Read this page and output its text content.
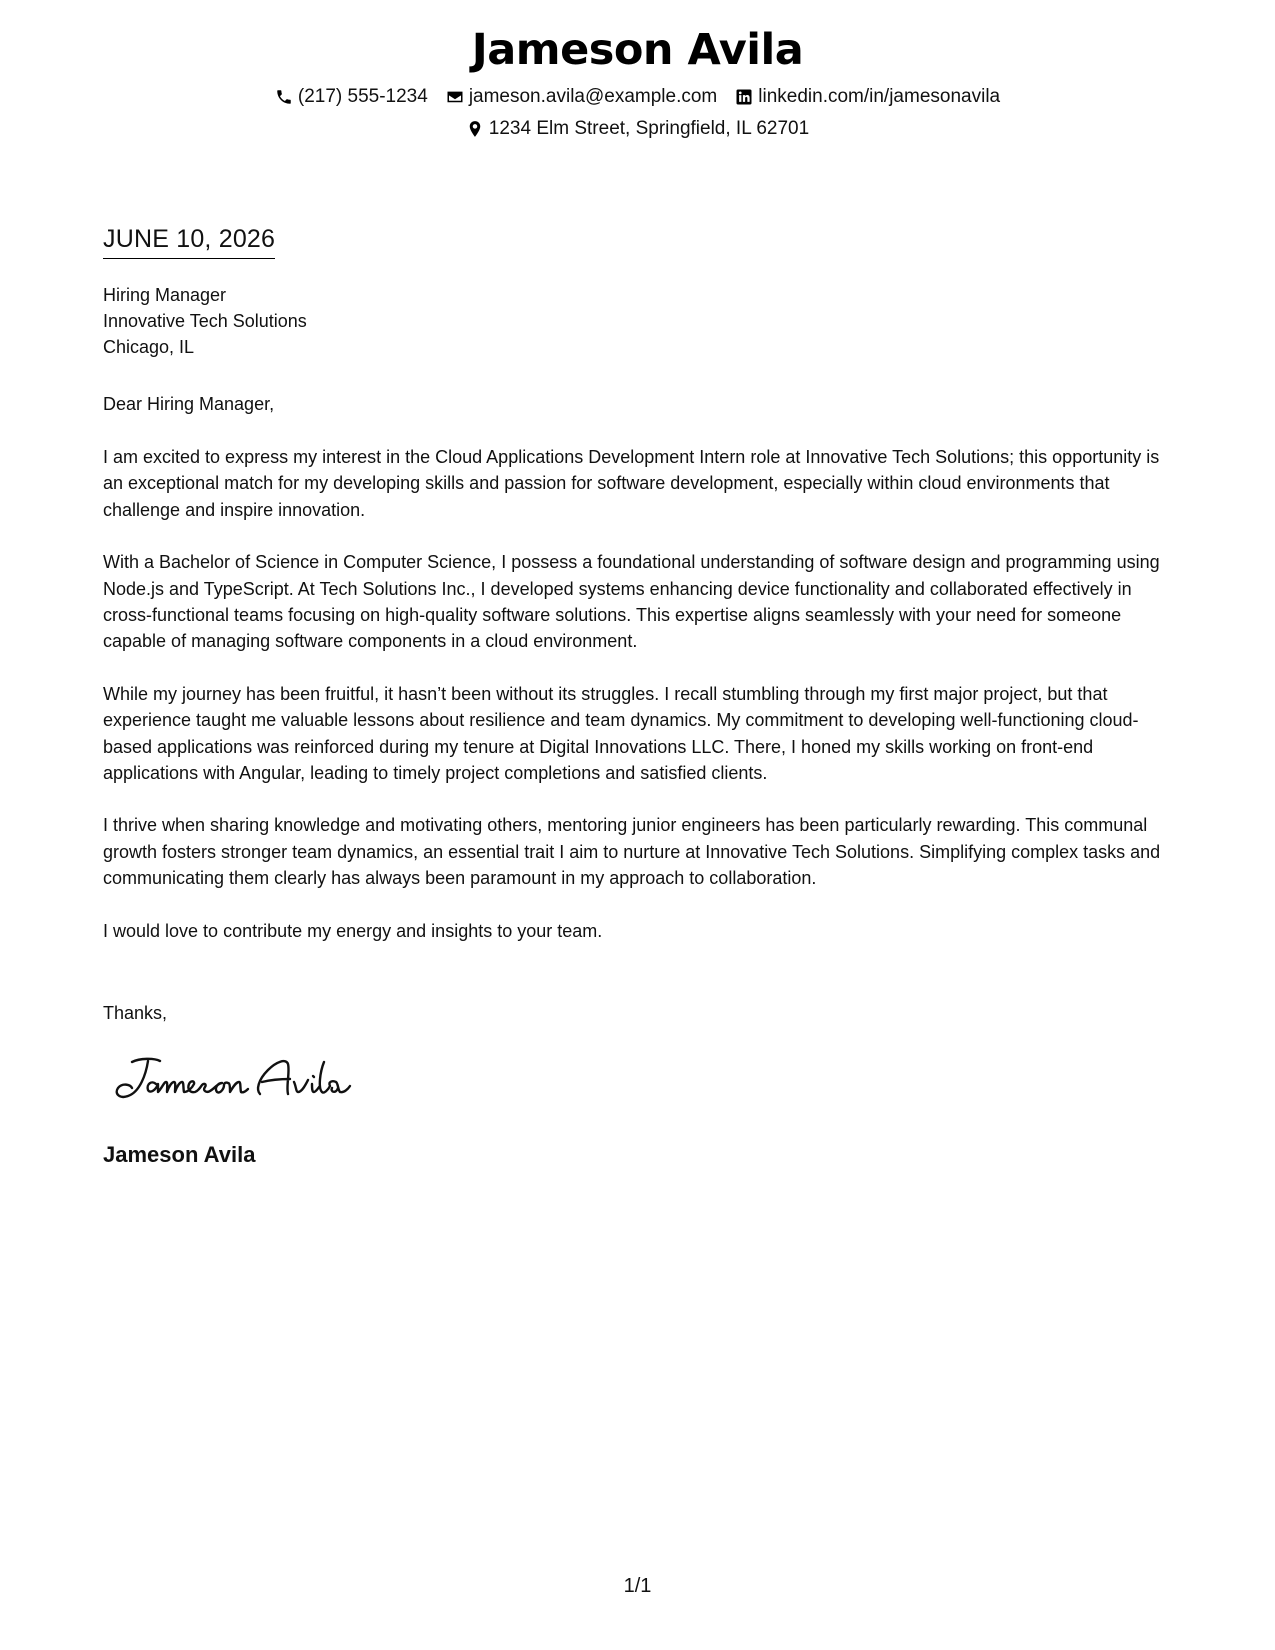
Jameson Avila
(217) 555-1234 jameson.avila@example.com linkedin.com/in/jamesonavila
1234 Elm Street, Springfield, IL 62701
JUNE 10, 2026
Hiring Manager
Innovative Tech Solutions
Chicago, IL
Dear Hiring Manager,

I am excited to express my interest in the Cloud Applications Development Intern role at Innovative Tech Solutions; this opportunity is an exceptional match for my developing skills and passion for software development, especially within cloud environments that challenge and inspire innovation.

With a Bachelor of Science in Computer Science, I possess a foundational understanding of software design and programming using Node.js and TypeScript. At Tech Solutions Inc., I developed systems enhancing device functionality and collaborated effectively in cross-functional teams focusing on high-quality software solutions. This expertise aligns seamlessly with your need for someone capable of managing software components in a cloud environment.

While my journey has been fruitful, it hasn’t been without its struggles. I recall stumbling through my first major project, but that experience taught me valuable lessons about resilience and team dynamics. My commitment to developing well-functioning cloud-based applications was reinforced during my tenure at Digital Innovations LLC. There, I honed my skills working on front-end applications with Angular, leading to timely project completions and satisfied clients.

I thrive when sharing knowledge and motivating others, mentoring junior engineers has been particularly rewarding. This communal growth fosters stronger team dynamics, an essential trait I aim to nurture at Innovative Tech Solutions. Simplifying complex tasks and communicating them clearly has always been paramount in my approach to collaboration.

I would love to contribute my energy and insights to your team.

Thanks,
Jameson Avila
1/1
